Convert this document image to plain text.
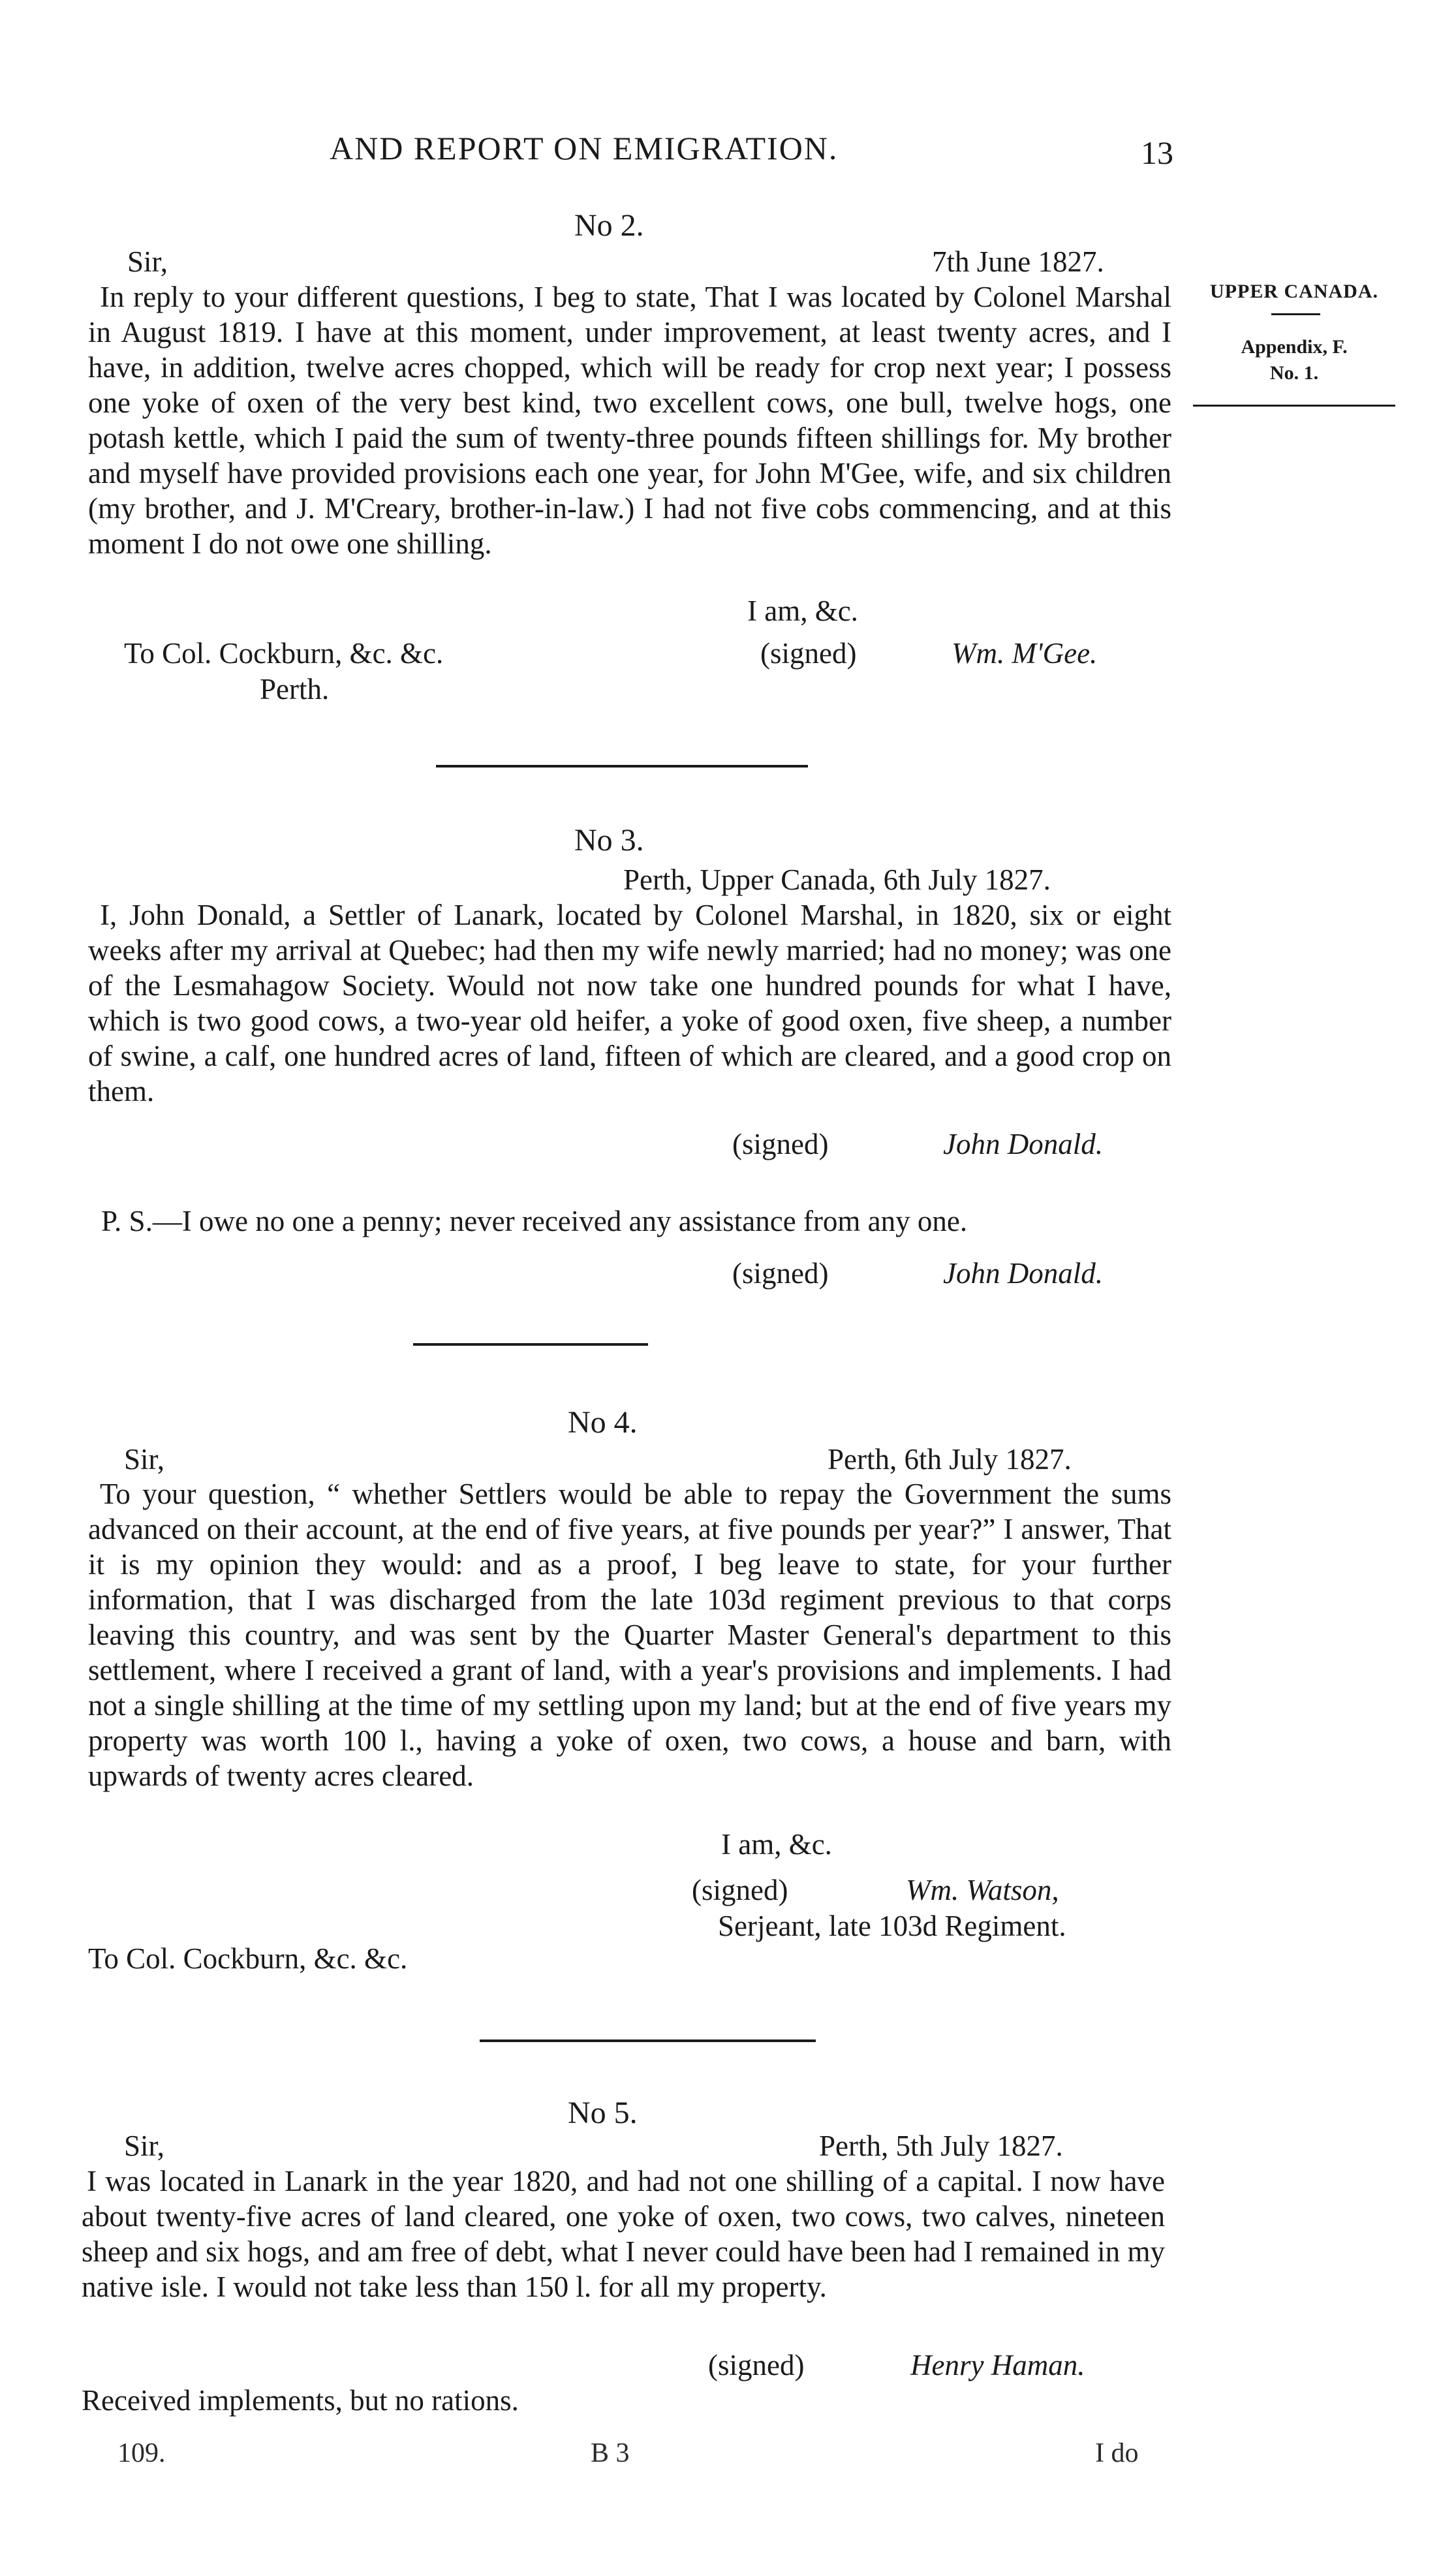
AND REPORT ON EMIGRATION.	13
UPPER CANADA.
Appendix, F.
No. 1.
No 2.
Sir,	7th June 1827.
In reply to your different questions, I beg to state, That I was located by Colonel Marshal in August 1819. I have at this moment, under improvement, at least twenty acres, and I have, in addition, twelve acres chopped, which will be ready for crop next year; I possess one yoke of oxen of the very best kind, two excellent cows, one bull, twelve hogs, one potash kettle, which I paid the sum of twenty-three pounds fifteen shillings for. My brother and myself have provided provisions each one year, for John M'Gee, wife, and six children (my brother, and J. M'Creary, brother-in-law.) I had not five cobs commencing, and at this moment I do not owe one shilling.
I am, &c.
To Col. Cockburn, &c. &c.	(signed)	Wm. M'Gee.
Perth.
No 3.
Perth, Upper Canada, 6th July 1827.
I, John Donald, a Settler of Lanark, located by Colonel Marshal, in 1820, six or eight weeks after my arrival at Quebec; had then my wife newly married; had no money; was one of the Lesmahagow Society. Would not now take one hundred pounds for what I have, which is two good cows, a two-year old heifer, a yoke of good oxen, five sheep, a number of swine, a calf, one hundred acres of land, fifteen of which are cleared, and a good crop on them.
(signed)	John Donald.
P. S.—I owe no one a penny; never received any assistance from any one.
(signed)	John Donald.
No 4.
Sir,	Perth, 6th July 1827.
To your question, “ whether Settlers would be able to repay the Government the sums advanced on their account, at the end of five years, at five pounds per year?” I answer, That it is my opinion they would: and as a proof, I beg leave to state, for your further information, that I was discharged from the late 103d regiment previous to that corps leaving this country, and was sent by the Quarter Master General's department to this settlement, where I received a grant of land, with a year's provisions and implements. I had not a single shilling at the time of my settling upon my land; but at the end of five years my property was worth 100 l., having a yoke of oxen, two cows, a house and barn, with upwards of twenty acres cleared.
I am, &c.
(signed)	Wm. Watson,
Serjeant, late 103d Regiment.
To Col. Cockburn, &c. &c.
No 5.
Sir,	Perth, 5th July 1827.
I was located in Lanark in the year 1820, and had not one shilling of a capital. I now have about twenty-five acres of land cleared, one yoke of oxen, two cows, two calves, nineteen sheep and six hogs, and am free of debt, what I never could have been had I remained in my native isle. I would not take less than 150 l. for all my property.
(signed)	Henry Haman.
Received implements, but no rations.
109.	B 3	I do
